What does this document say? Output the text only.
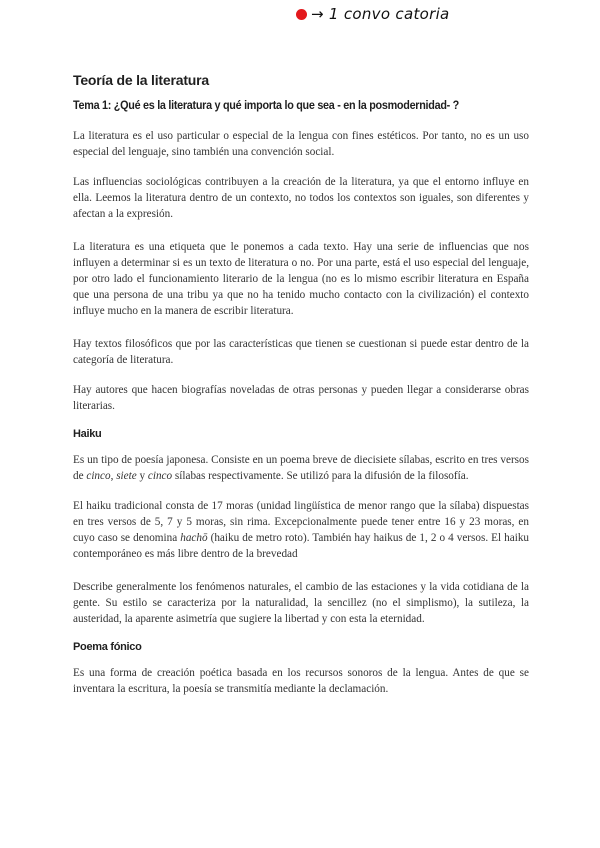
→ 1 convo catoria
Teoría de la literatura
Tema 1: ¿Qué es la literatura y qué importa lo que sea - en la posmodernidad- ?

La literatura es el uso particular o especial de la lengua con fines estéticos. Por tanto, no es un uso especial del lenguaje, sino también una convención social.

Las influencias sociológicas contribuyen a la creación de la literatura, ya que el entorno influye en ella. Leemos la literatura dentro de un contexto, no todos los contextos son iguales, son diferentes y afectan a la expresión.

La literatura es una etiqueta que le ponemos a cada texto. Hay una serie de influencias que nos influyen a determinar si es un texto de literatura o no. Por una parte, está el uso especial del lenguaje, por otro lado el funcionamiento literario de la lengua (no es lo mismo escribir literatura en España que una persona de una tribu ya que no ha tenido mucho contacto con la civilización) el contexto influye mucho en la manera de escribir literatura.

Hay textos filosóficos que por las características que tienen se cuestionan si puede estar dentro de la categoría de literatura.

Hay autores que hacen biografías noveladas de otras personas y pueden llegar a considerarse obras literarias.

Haiku

Es un tipo de poesía japonesa. Consiste en un poema breve de diecisiete sílabas, escrito en tres versos de cinco, siete y cinco sílabas respectivamente. Se utilizó para la difusión de la filosofía.

El haiku tradicional consta de 17 moras (unidad lingüística de menor rango que la sílaba) dispuestas en tres versos de 5, 7 y 5 moras, sin rima. Excepcionalmente puede tener entre 16 y 23 moras, en cuyo caso se denomina hachō (haiku de metro roto). También hay haikus de 1, 2 o 4 versos. El haiku contemporáneo es más libre dentro de la brevedad

Describe generalmente los fenómenos naturales, el cambio de las estaciones y la vida cotidiana de la gente. Su estilo se caracteriza por la naturalidad, la sencillez (no el simplismo), la sutileza, la austeridad, la aparente asimetría que sugiere la libertad y con esta la eternidad.

Poema fónico

Es una forma de creación poética basada en los recursos sonoros de la lengua. Antes de que se inventara la escritura, la poesía se transmitía mediante la declamación.
